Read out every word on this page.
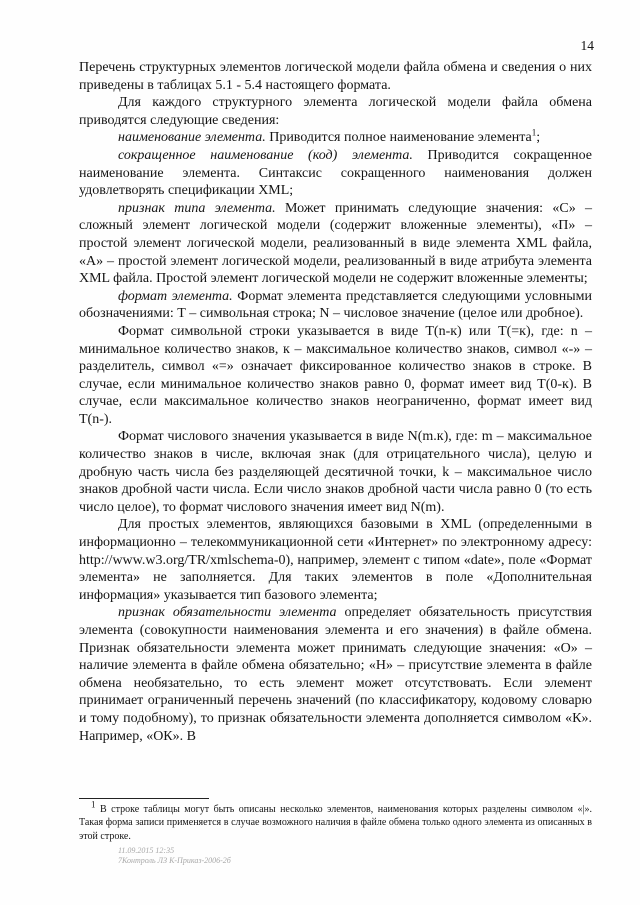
14

Перечень структурных элементов логической модели файла обмена и сведения о них приведены в таблицах 5.1 - 5.4 настоящего формата.

Для каждого структурного элемента логической модели файла обмена приводятся следующие сведения:

наименование элемента. Приводится полное наименование элемента$^1$;

сокращенное наименование (код) элемента. Приводится сокращенное наименование элемента. Синтаксис сокращенного наименования должен удовлетворять спецификации XML;

признак типа элемента. Может принимать следующие значения: «С» – сложный элемент логической модели (содержит вложенные элементы), «П» – простой элемент логической модели, реализованный в виде элемента XML файла, «А» – простой элемент логической модели, реализованный в виде атрибута элемента XML файла. Простой элемент логической модели не содержит вложенные элементы;

формат элемента. Формат элемента представляется следующими условными обозначениями: Т – символьная строка; N – числовое значение (целое или дробное).

Формат символьной строки указывается в виде Т(n-к) или Т(=к), где: n – минимальное количество знаков, к – максимальное количество знаков, символ «-» – разделитель, символ «=» означает фиксированное количество знаков в строке. В случае, если минимальное количество знаков равно 0, формат имеет вид Т(0-к). В случае, если максимальное количество знаков неограниченно, формат имеет вид Т(n-).

Формат числового значения указывается в виде N(m.к), где: m – максимальное количество знаков в числе, включая знак (для отрицательного числа), целую и дробную часть числа без разделяющей десятичной точки, k – максимальное число знаков дробной части числа. Если число знаков дробной части числа равно 0 (то есть число целое), то формат числового значения имеет вид N(m).

Для простых элементов, являющихся базовыми в XML (определенными в информационно – телекоммуникационной сети «Интернет» по электронному адресу: http://www.w3.org/TR/xmlschema-0), например, элемент с типом «date», поле «Формат элемента» не заполняется. Для таких элементов в поле «Дополнительная информация» указывается тип базового элемента;

признак обязательности элемента определяет обязательность присутствия элемента (совокупности наименования элемента и его значения) в файле обмена. Признак обязательности элемента может принимать следующие значения: «О» – наличие элемента в файле обмена обязательно; «Н» – присутствие элемента в файле обмена необязательно, то есть элемент может отсутствовать. Если элемент принимает ограниченный перечень значений (по классификатору, кодовому словарю и тому подобному), то признак обязательности элемента дополняется символом «К». Например, «ОК». В

$^1$ В строке таблицы могут быть описаны несколько элементов, наименования которых разделены символом «|». Такая форма записи применяется в случае возможного наличия в файле обмена только одного элемента из описанных в этой строке.
11.09.2015 12:35
7Контроль ЛЗ К-Приказ-2006-2б
